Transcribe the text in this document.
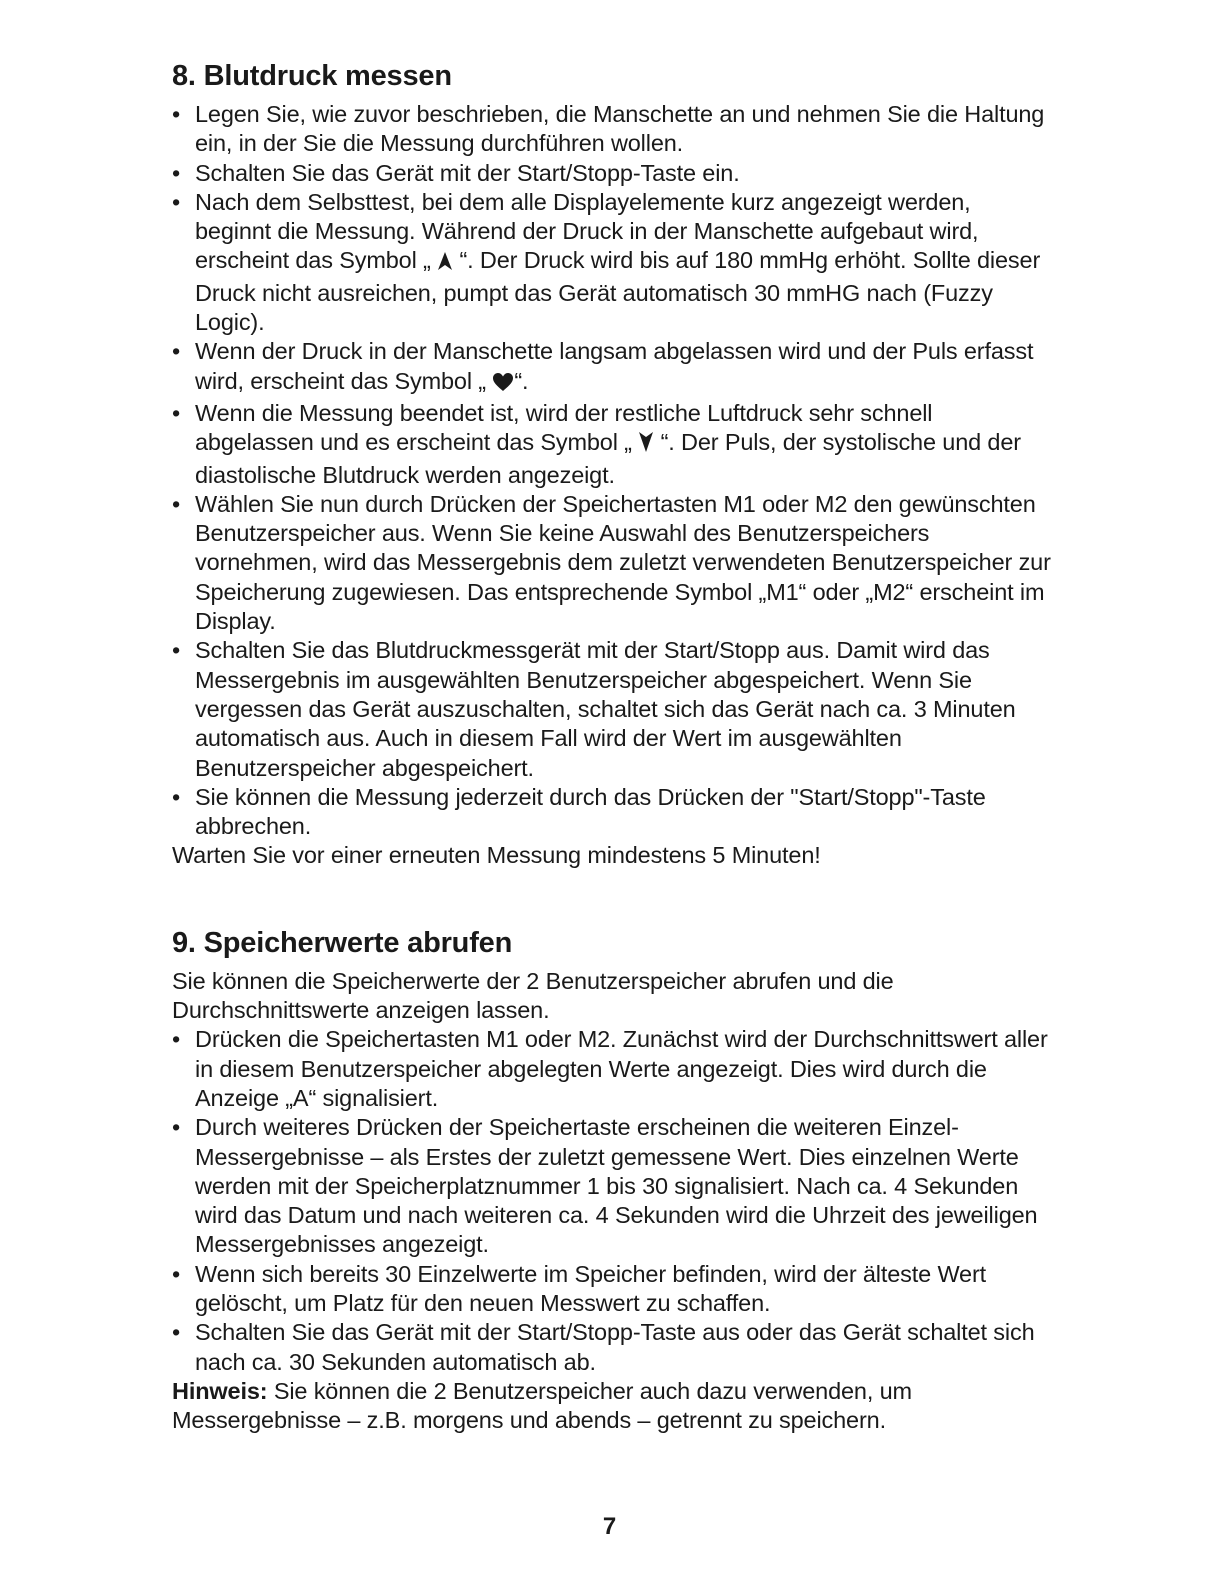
8. Blutdruck messen
• Legen Sie, wie zuvor beschrieben, die Manschette an und nehmen Sie die Haltung ein, in der Sie die Messung durchführen wollen.
• Schalten Sie das Gerät mit der Start/Stopp-Taste ein.
• Nach dem Selbsttest, bei dem alle Displayelemente kurz angezeigt werden, beginnt die Messung. Während der Druck in der Manschette aufgebaut wird, erscheint das Symbol „  “. Der Druck wird bis auf 180 mmHg erhöht. Sollte dieser Druck nicht ausreichen, pumpt das Gerät automatisch 30 mmHG nach (Fuzzy Logic).
• Wenn der Druck in der Manschette langsam abgelassen wird und der Puls erfasst wird, erscheint das Symbol „ “.
• Wenn die Messung beendet ist, wird der restliche Luftdruck sehr schnell abgelassen und es erscheint das Symbol „  “. Der Puls, der systolische und der diastolische Blutdruck werden angezeigt.
• Wählen Sie nun durch Drücken der Speichertasten M1 oder M2 den gewünschten Benutzerspeicher aus. Wenn Sie keine Auswahl des Benutzerspeichers vornehmen, wird das Messergebnis dem zuletzt verwendeten Benutzerspeicher zur Speicherung zugewiesen. Das entsprechende Symbol „M1“ oder „M2“ erscheint im Display.
• Schalten Sie das Blutdruckmessgerät mit der Start/Stopp aus. Damit wird das Messergebnis im ausgewählten Benutzerspeicher abgespeichert. Wenn Sie vergessen das Gerät auszuschalten, schaltet sich das Gerät nach ca. 3 Minuten automatisch aus. Auch in diesem Fall wird der Wert im ausgewählten Benutzerspeicher abgespeichert.
• Sie können die Messung jederzeit durch das Drücken der "Start/Stopp"-Taste abbrechen.

Warten Sie vor einer erneuten Messung mindestens 5 Minuten!

9. Speicherwerte abrufen

Sie können die Speicherwerte der 2 Benutzerspeicher abrufen und die Durchschnittswerte anzeigen lassen.

• Drücken die Speichertasten M1 oder M2. Zunächst wird der Durchschnittswert aller in diesem Benutzerspeicher abgelegten Werte angezeigt. Dies wird durch die Anzeige „A“ signalisiert.
• Durch weiteres Drücken der Speichertaste erscheinen die weiteren Einzel-Messergebnisse – als Erstes der zuletzt gemessene Wert. Dies einzelnen Werte werden mit der Speicherplatznummer 1 bis 30 signalisiert. Nach ca. 4 Sekunden wird das Datum und nach weiteren ca. 4 Sekunden wird die Uhrzeit des jeweiligen Messergebnisses angezeigt.
• Wenn sich bereits 30 Einzelwerte im Speicher befinden, wird der älteste Wert gelöscht, um Platz für den neuen Messwert zu schaffen.
• Schalten Sie das Gerät mit der Start/Stopp-Taste aus oder das Gerät schaltet sich nach ca. 30 Sekunden automatisch ab.

Hinweis: Sie können die 2 Benutzerspeicher auch dazu verwenden, um Messergebnisse – z.B. morgens und abends – getrennt zu speichern.

7
